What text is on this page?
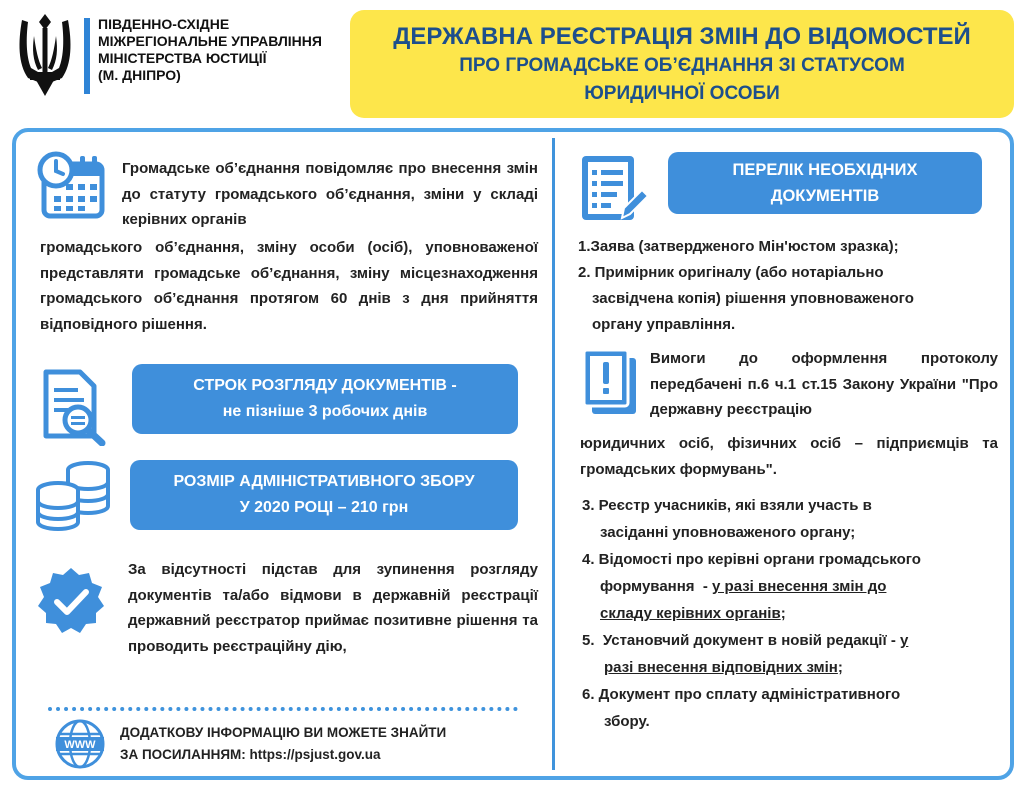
ПІВДЕННО-СХІДНЕ
МІЖРЕГІОНАЛЬНЕ УПРАВЛІННЯ
МІНІСТЕРСТВА ЮСТИЦІЇ
(М. ДНІПРО)
ДЕРЖАВНА РЕЄСТРАЦІЯ ЗМІН ДО ВІДОМОСТЕЙ
ПРО ГРОМАДСЬКЕ ОБ’ЄДНАННЯ ЗІ СТАТУСОМ
ЮРИДИЧНОЇ ОСОБИ
Громадське об’єднання повідомляє про внесення змін до статуту громадського об’єднання, зміни у складі керівних органів
громадського об’єднання, зміну особи (осіб), уповноваженої представляти громадське об’єднання, зміну місцезнаходження громадського об’єднання протягом 60 днів з дня прийняття відповідного рішення.
СТРОК РОЗГЛЯДУ ДОКУМЕНТІВ -
не пізніше 3 робочих днів
РОЗМІР АДМІНІСТРАТИВНОГО ЗБОРУ
У 2020 РОЦІ – 210 грн
За відсутності підстав для зупинення розгляду документів та/або відмови в державній реєстрації державний реєстратор приймає позитивне рішення та проводить реєстраційну дію,
WWW
ДОДАТКОВУ ІНФОРМАЦІЮ ВИ МОЖЕТЕ ЗНАЙТИ
ЗА ПОСИЛАННЯМ: https://psjust.gov.ua
ПЕРЕЛІК НЕОБХІДНИХ
ДОКУМЕНТІВ
1.Заява (затвердженого Мін'юстом зразка);
2. Примірник оригіналу (або нотаріально
засвідчена копія) рішення уповноваженого
органу управління.
Вимоги до оформлення протоколу передбачені п.6 ч.1 ст.15 Закону України "Про державну реєстрацію
юридичних осіб, фізичних осіб – підприємців та громадських формувань".
3. Реєстр учасників, які взяли участь в
засіданні уповноваженого органу;
4. Відомості про керівні органи громадського
формування  - у разі внесення змін до
складу керівних органів;
5.  Установчий документ в новій редакції - у
разі внесення відповідних змін;
6. Документ про сплату адміністративного
збору.
